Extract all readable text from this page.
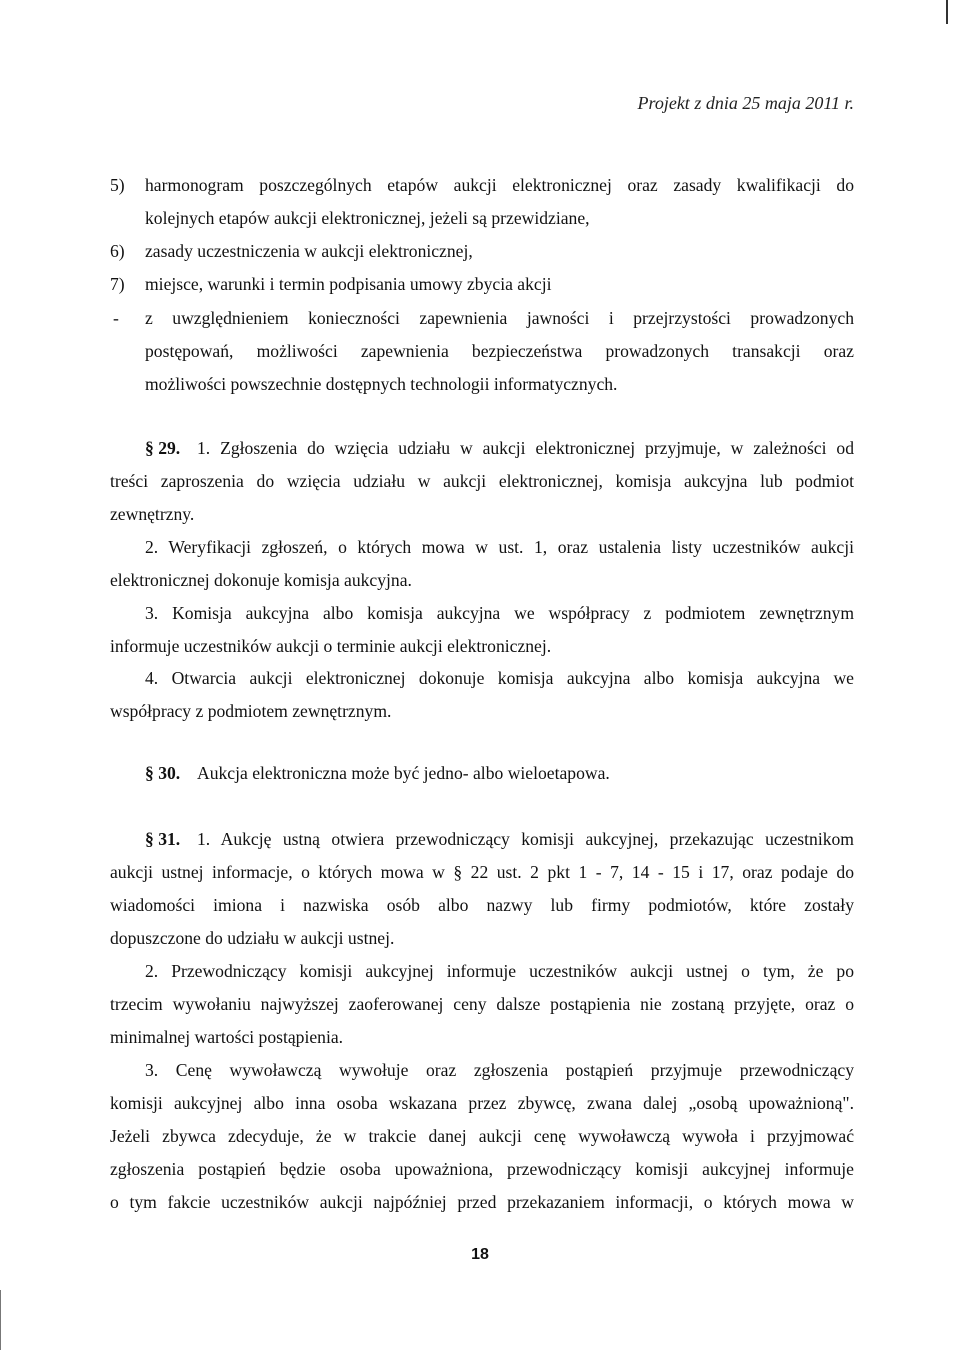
Projekt z dnia 25 maja 2011 r.
5) harmonogram poszczególnych etapów aukcji elektronicznej oraz zasady kwalifikacji do
kolejnych etapów aukcji elektronicznej, jeżeli są przewidziane,
6) zasady uczestniczenia w aukcji elektronicznej,
7) miejsce, warunki i termin podpisania umowy zbycia akcji
- z uwzględnieniem konieczności zapewnienia jawności i przejrzystości prowadzonych
postępowań, możliwości zapewnienia bezpieczeństwa prowadzonych transakcji oraz
możliwości powszechnie dostępnych technologii informatycznych.
§ 29. 1. Zgłoszenia do wzięcia udziału w aukcji elektronicznej przyjmuje, w zależności od
treści zaproszenia do wzięcia udziału w aukcji elektronicznej, komisja aukcyjna lub podmiot
zewnętrzny.
2. Weryfikacji zgłoszeń, o których mowa w ust. 1, oraz ustalenia listy uczestników aukcji
elektronicznej dokonuje komisja aukcyjna.
3. Komisja aukcyjna albo komisja aukcyjna we współpracy z podmiotem zewnętrznym
informuje uczestników aukcji o terminie aukcji elektronicznej.
4. Otwarcia aukcji elektronicznej dokonuje komisja aukcyjna albo komisja aukcyjna we
współpracy z podmiotem zewnętrznym.
§ 30. Aukcja elektroniczna może być jedno- albo wieloetapowa.
§ 31. 1. Aukcję ustną otwiera przewodniczący komisji aukcyjnej, przekazując uczestnikom
aukcji ustnej informacje, o których mowa w § 22 ust. 2 pkt 1 - 7, 14 - 15 i 17, oraz podaje do
wiadomości imiona i nazwiska osób albo nazwy lub firmy podmiotów, które zostały
dopuszczone do udziału w aukcji ustnej.
2. Przewodniczący komisji aukcyjnej informuje uczestników aukcji ustnej o tym, że po
trzecim wywołaniu najwyższej zaoferowanej ceny dalsze postąpienia nie zostaną przyjęte, oraz o
minimalnej wartości postąpienia.
3. Cenę wywoławczą wywołuje oraz zgłoszenia postąpień przyjmuje przewodniczący
komisji aukcyjnej albo inna osoba wskazana przez zbywcę, zwana dalej „osobą upoważnioną".
Jeżeli zbywca zdecyduje, że w trakcie danej aukcji cenę wywoławczą wywoła i przyjmować
zgłoszenia postąpień będzie osoba upoważniona, przewodniczący komisji aukcyjnej informuje
o tym fakcie uczestników aukcji najpóźniej przed przekazaniem informacji, o których mowa w
18
